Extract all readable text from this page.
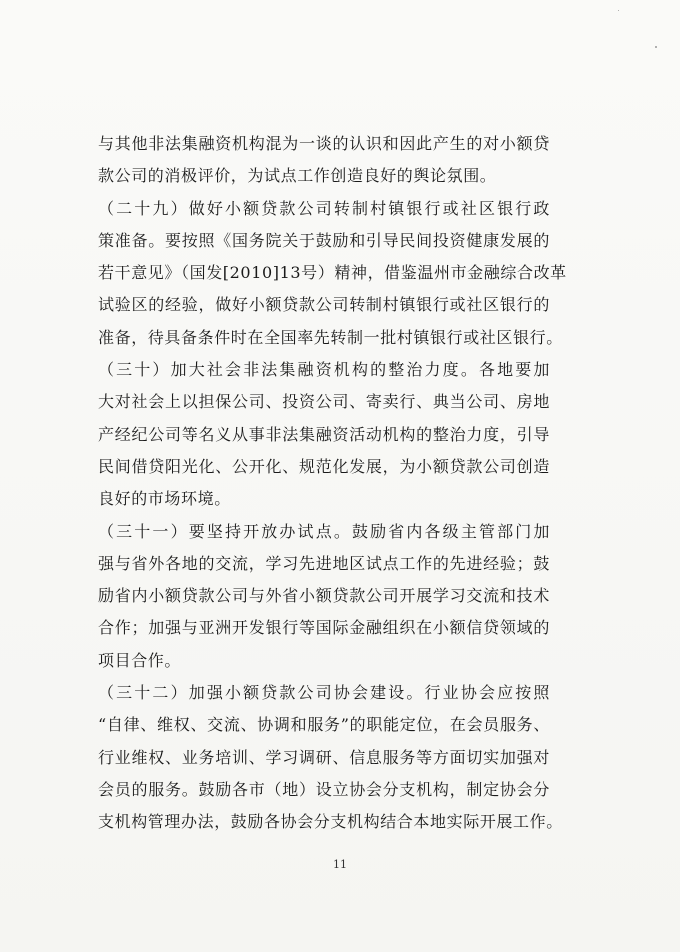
与其他非法集融资机构混为一谈的认识和因此产生的对小额贷
款公司的消极评价，为试点工作创造良好的舆论氛围。
（二十九）做好小额贷款公司转制村镇银行或社区银行政
策准备。要按照《国务院关于鼓励和引导民间投资健康发展的
若干意见》（国发[2010]13号）精神，借鉴温州市金融综合改革
试验区的经验，做好小额贷款公司转制村镇银行或社区银行的
准备，待具备条件时在全国率先转制一批村镇银行或社区银行。
（三十）加大社会非法集融资机构的整治力度。各地要加
大对社会上以担保公司、投资公司、寄卖行、典当公司、房地
产经纪公司等名义从事非法集融资活动机构的整治力度，引导
民间借贷阳光化、公开化、规范化发展，为小额贷款公司创造
良好的市场环境。
（三十一）要坚持开放办试点。鼓励省内各级主管部门加
强与省外各地的交流，学习先进地区试点工作的先进经验；鼓
励省内小额贷款公司与外省小额贷款公司开展学习交流和技术
合作；加强与亚洲开发银行等国际金融组织在小额信贷领域的
项目合作。
（三十二）加强小额贷款公司协会建设。行业协会应按照
“自律、维权、交流、协调和服务”的职能定位，在会员服务、
行业维权、业务培训、学习调研、信息服务等方面切实加强对
会员的服务。鼓励各市（地）设立协会分支机构，制定协会分
支机构管理办法，鼓励各协会分支机构结合本地实际开展工作。
11
